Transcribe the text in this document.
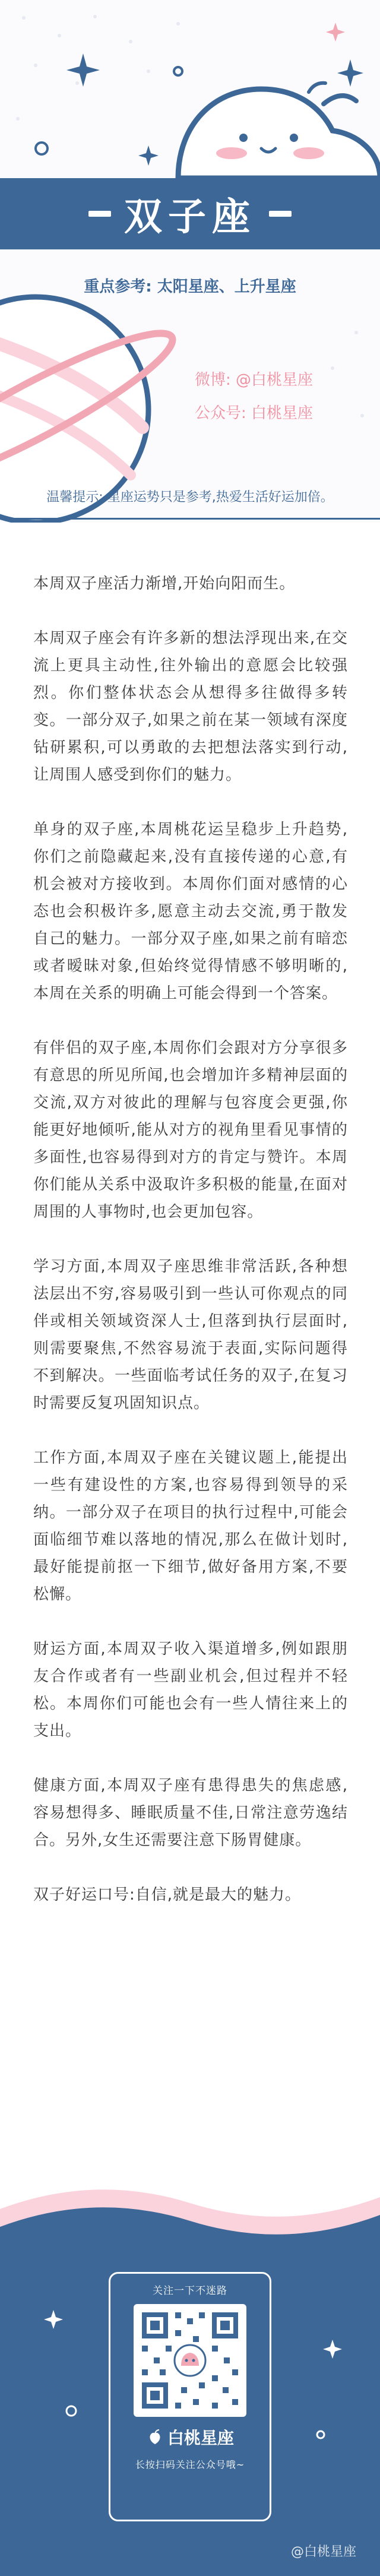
双子座
重点参考: 太阳星座、上升星座
微博: @白桃星座
公众号: 白桃星座
温馨提示: 星座运势只是参考,热爱生活好运加倍。

本周双子座活力渐增,开始向阳而生。

本周双子座会有许多新的想法浮现出来,在交流上更具主动性,往外输出的意愿会比较强烈。你们整体状态会从想得多往做得多转变。一部分双子,如果之前在某一领域有深度钻研累积,可以勇敢的去把想法落实到行动,让周围人感受到你们的魅力。

单身的双子座,本周桃花运呈稳步上升趋势,你们之前隐藏起来,没有直接传递的心意,有机会被对方接收到。本周你们面对感情的心态也会积极许多,愿意主动去交流,勇于散发自己的魅力。一部分双子座,如果之前有暗恋或者暧昧对象,但始终觉得情感不够明晰的,本周在关系的明确上可能会得到一个答案。

有伴侣的双子座,本周你们会跟对方分享很多有意思的所见所闻,也会增加许多精神层面的交流,双方对彼此的理解与包容度会更强,你能更好地倾听,能从对方的视角里看见事情的多面性,也容易得到对方的肯定与赞许。本周你们能从关系中汲取许多积极的能量,在面对周围的人事物时,也会更加包容。

学习方面,本周双子座思维非常活跃,各种想法层出不穷,容易吸引到一些认可你观点的同伴或相关领域资深人士,但落到执行层面时,则需要聚焦,不然容易流于表面,实际问题得不到解决。一些面临考试任务的双子,在复习时需要反复巩固知识点。

工作方面,本周双子座在关键议题上,能提出一些有建设性的方案,也容易得到领导的采纳。一部分双子在项目的执行过程中,可能会面临细节难以落地的情况,那么在做计划时,最好能提前抠一下细节,做好备用方案,不要松懈。

财运方面,本周双子收入渠道增多,例如跟朋友合作或者有一些副业机会,但过程并不轻松。本周你们可能也会有一些人情往来上的支出。

健康方面,本周双子座有患得患失的焦虑感,容易想得多、睡眠质量不佳,日常注意劳逸结合。另外,女生还需要注意下肠胃健康。

双子好运口号:自信,就是最大的魅力。

关注一下不迷路
白桃星座
长按扫码关注公众号哦~
@白桃星座
